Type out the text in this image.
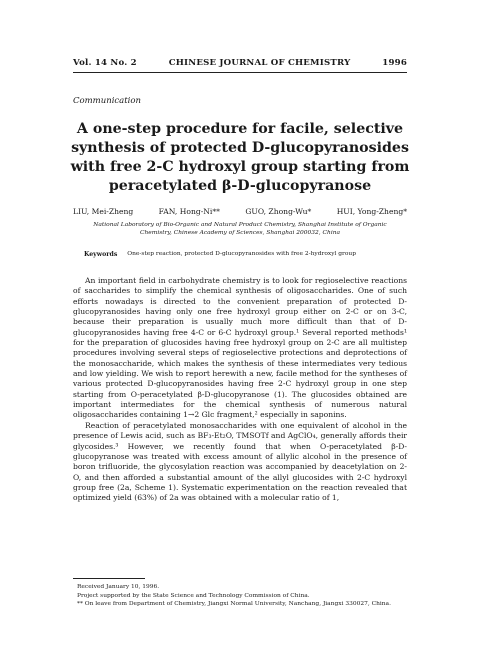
Vol. 14 No. 2	CHINESE JOURNAL OF CHEMISTRY	1996
Communication
A one-step procedure for facile, selective
synthesis of protected D-glucopyranosides
with free 2-C hydroxyl group starting from
peracetylated β-D-glucopyranose
LIU, Mei-Zheng	FAN, Hong-Ni**	GUO, Zhong-Wu*	HUI, Yong-Zheng*
National Laboratory of Bio-Organic and Natural Product Chemistry, Shanghai Institute of Organic
Chemistry, Chinese Academy of Sciences, Shanghai 200032, China
Keywords One-step reaction, protected D-glucopyranosides with free 2-hydroxyl group

An important field in carbohydrate chemistry is to look for regioselective reactions of saccharides to simplify the chemical synthesis of oligosaccharides. One of such efforts nowadays is directed to the convenient preparation of protected D-glucopyranosides having only one free hydroxyl group either on 2-C or on 3-C, because their preparation is usually much more difficult than that of D-glucopyranosides having free 4-C or 6-C hydroxyl group.¹ Several reported methods¹ for the preparation of glucosides having free hydroxyl group on 2-C are all multistep procedures involving several steps of regioselective protections and deprotections of the monosaccharide, which makes the synthesis of these intermediates very tedious and low yielding. We wish to report herewith a new, facile method for the syntheses of various protected D-glucopyranosides having free 2-C hydroxyl group in one step starting from O-peracetylated β-D-glucopyranose (1). The glucosides obtained are important intermediates for the chemical synthesis of numerous natural oligosaccharides containing 1→2 Glc fragment,² especially in saponins.

Reaction of peracetylated monosaccharides with one equivalent of alcohol in the presence of Lewis acid, such as BF₃-Et₂O, TMSOTf and AgClO₄, generally affords their glycosides.³ However, we recently found that when O-peracetylated β-D-glucopyranose was treated with excess amount of allylic alcohol in the presence of boron trifluoride, the glycosylation reaction was accompanied by deacetylation on 2-O, and then afforded a substantial amount of the allyl glucosides with 2-C hydroxyl group free (2a, Scheme 1). Systematic experimentation on the reaction revealed that optimized yield (63%) of 2a was obtained with a molecular ratio of 1,

Received January 10, 1996.
Project supported by the State Science and Technology Commission of China.
** On leave from Department of Chemistry, Jiangxi Normal University, Nanchang, Jiangxi 330027, China.
